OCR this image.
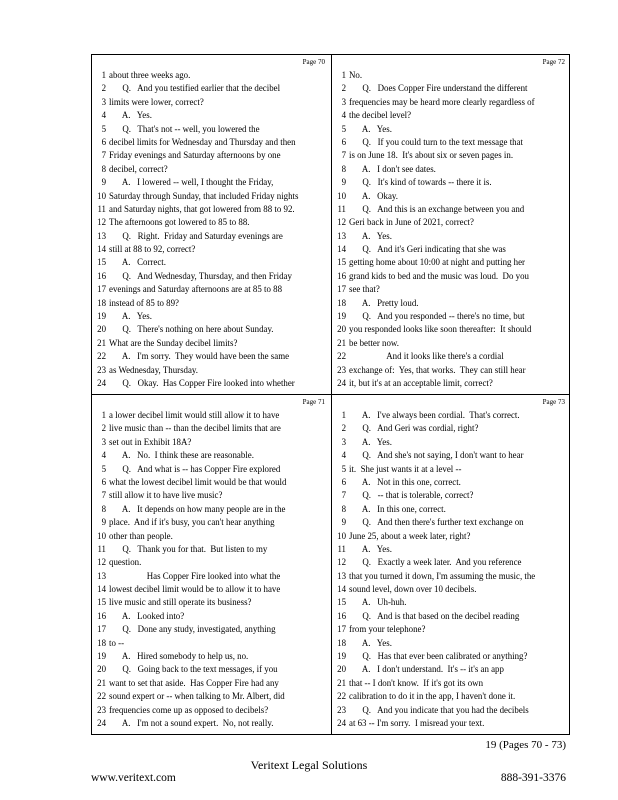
Page 70
1 about three weeks ago.
2      Q.   And you testified earlier that the decibel
3 limits were lower, correct?
4      A.   Yes.
5      Q.   That's not -- well, you lowered the
6 decibel limits for Wednesday and Thursday and then
7 Friday evenings and Saturday afternoons by one
8 decibel, correct?
9      A.   I lowered -- well, I thought the Friday,
10 Saturday through Sunday, that included Friday nights
11 and Saturday nights, that got lowered from 88 to 92.
12 The afternoons got lowered to 85 to 88.
13      Q.   Right.  Friday and Saturday evenings are
14 still at 88 to 92, correct?
15      A.   Correct.
16      Q.   And Wednesday, Thursday, and then Friday
17 evenings and Saturday afternoons are at 85 to 88
18 instead of 85 to 89?
19      A.   Yes.
20      Q.   There's nothing on here about Sunday.
21 What are the Sunday decibel limits?
22      A.   I'm sorry.  They would have been the same
23 as Wednesday, Thursday.
24      Q.   Okay.  Has Copper Fire looked into whether
Page 72
1 No.
2      Q.   Does Copper Fire understand the different
3 frequencies may be heard more clearly regardless of
4 the decibel level?
5      A.   Yes.
6      Q.   If you could turn to the text message that
7 is on June 18.  It's about six or seven pages in.
8      A.   I don't see dates.
9      Q.   It's kind of towards -- there it is.
10      A.   Okay.
11      Q.   And this is an exchange between you and
12 Geri back in June of 2021, correct?
13      A.   Yes.
14      Q.   And it's Geri indicating that she was
15 getting home about 10:00 at night and putting her
16 grand kids to bed and the music was loud.  Do you
17 see that?
18      A.   Pretty loud.
19      Q.   And you responded -- there's no time, but
20 you responded looks like soon thereafter:  It should
21 be better now.
22                 And it looks like there's a cordial
23 exchange of:  Yes, that works.  They can still hear
24 it, but it's at an acceptable limit, correct?
Page 71
1 a lower decibel limit would still allow it to have
2 live music than -- than the decibel limits that are
3 set out in Exhibit 18A?
4      A.   No.  I think these are reasonable.
5      Q.   And what is -- has Copper Fire explored
6 what the lowest decibel limit would be that would
7 still allow it to have live music?
8      A.   It depends on how many people are in the
9 place.  And if it's busy, you can't hear anything
10 other than people.
11      Q.   Thank you for that.  But listen to my
12 question.
13                 Has Copper Fire looked into what the
14 lowest decibel limit would be to allow it to have
15 live music and still operate its business?
16      A.   Looked into?
17      Q.   Done any study, investigated, anything
18 to --
19      A.   Hired somebody to help us, no.
20      Q.   Going back to the text messages, if you
21 want to set that aside.  Has Copper Fire had any
22 sound expert or -- when talking to Mr. Albert, did
23 frequencies come up as opposed to decibels?
24      A.   I'm not a sound expert.  No, not really.
Page 73
1      A.   I've always been cordial.  That's correct.
2      Q.   And Geri was cordial, right?
3      A.   Yes.
4      Q.   And she's not saying, I don't want to hear
5 it.  She just wants it at a level --
6      A.   Not in this one, correct.
7      Q.   -- that is tolerable, correct?
8      A.   In this one, correct.
9      Q.   And then there's further text exchange on
10 June 25, about a week later, right?
11      A.   Yes.
12      Q.   Exactly a week later.  And you reference
13 that you turned it down, I'm assuming the music, the
14 sound level, down over 10 decibels.
15      A.   Uh-huh.
16      Q.   And is that based on the decibel reading
17 from your telephone?
18      A.   Yes.
19      Q.   Has that ever been calibrated or anything?
20      A.   I don't understand.  It's -- it's an app
21 that -- I don't know.  If it's got its own
22 calibration to do it in the app, I haven't done it.
23      Q.   And you indicate that you had the decibels
24 at 63 -- I'm sorry.  I misread your text.
19 (Pages 70 - 73)
Veritext Legal Solutions
www.veritext.com	888-391-3376
